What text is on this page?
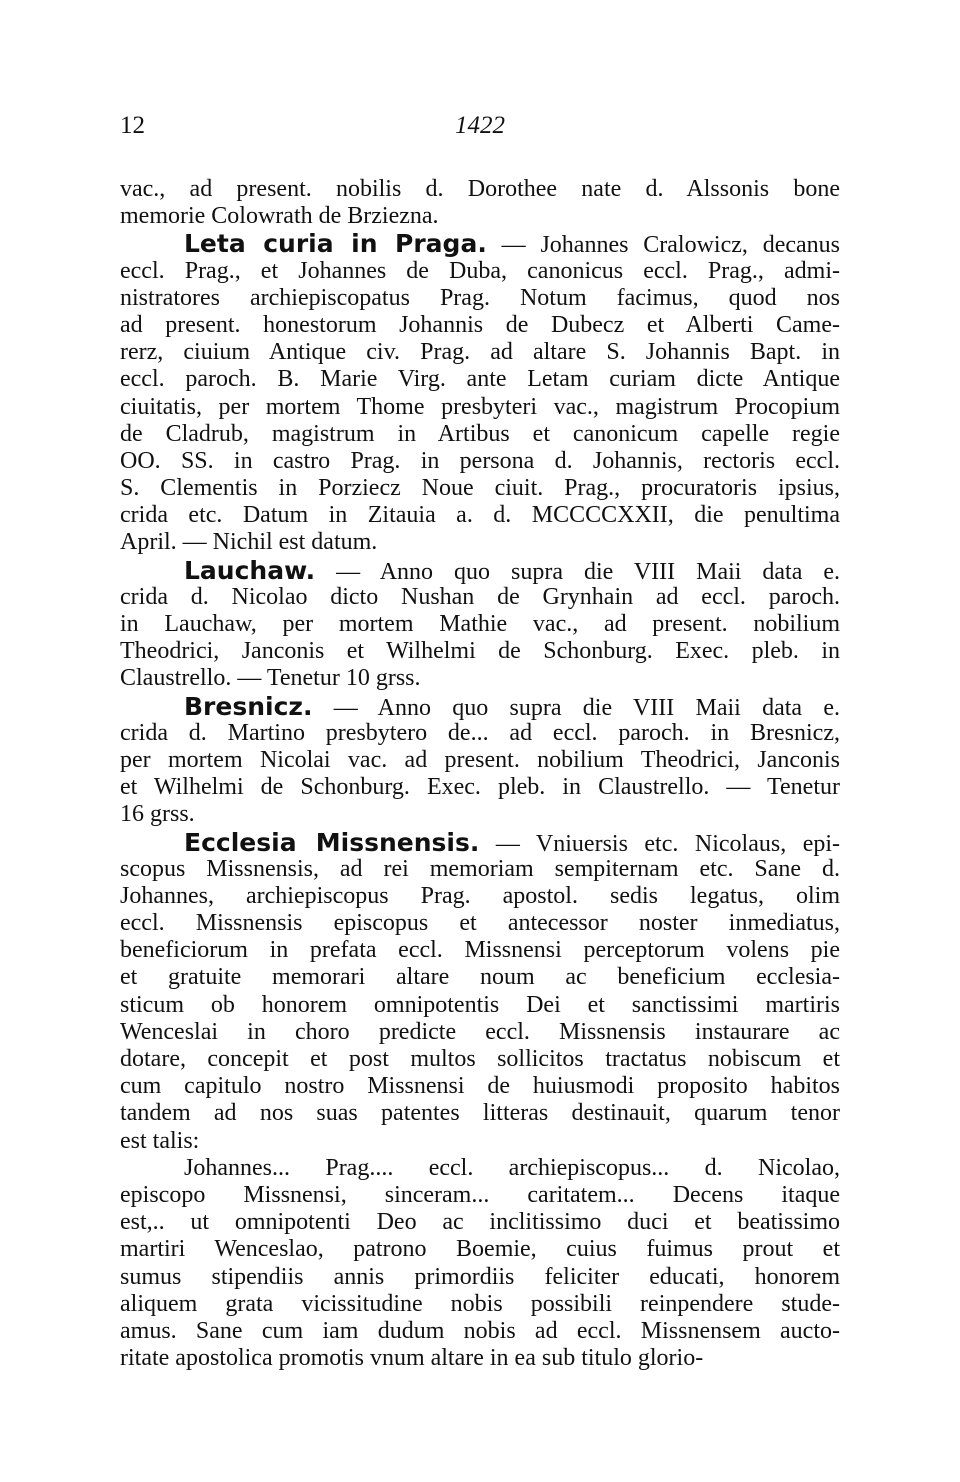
12	1422
vac., ad present. nobilis d. Dorothee nate d. Alssonis bone
memorie Colowrath de Brziezna.
Leta curia in Praga. — Johannes Cralowicz, decanus
eccl. Prag., et Johannes de Duba, canonicus eccl. Prag., admi-
nistratores archiepiscopatus Prag. Notum facimus, quod nos
ad present. honestorum Johannis de Dubecz et Alberti Came-
rerz, ciuium Antique civ. Prag. ad altare S. Johannis Bapt. in
eccl. paroch. B. Marie Virg. ante Letam curiam dicte Antique
ciuitatis, per mortem Thome presbyteri vac., magistrum Procopium
de Cladrub, magistrum in Artibus et canonicum capelle regie
OO. SS. in castro Prag. in persona d. Johannis, rectoris eccl.
S. Clementis in Porziecz Noue ciuit. Prag., procuratoris ipsius,
crida etc. Datum in Zitauia a. d. MCCCCXXII, die penultima
April. — Nichil est datum.
Lauchaw. — Anno quo supra die VIII Maii data e.
crida d. Nicolao dicto Nushan de Grynhain ad eccl. paroch.
in Lauchaw, per mortem Mathie vac., ad present. nobilium
Theodrici, Janconis et Wilhelmi de Schonburg. Exec. pleb. in
Claustrello. — Tenetur 10 grss.
Bresnicz. — Anno quo supra die VIII Maii data e.
crida d. Martino presbytero de... ad eccl. paroch. in Bresnicz,
per mortem Nicolai vac. ad present. nobilium Theodrici, Janconis
et Wilhelmi de Schonburg. Exec. pleb. in Claustrello. — Tenetur
16 grss.
Ecclesia Missnensis. — Vniuersis etc. Nicolaus, epi-
scopus Missnensis, ad rei memoriam sempiternam etc. Sane d.
Johannes, archiepiscopus Prag. apostol. sedis legatus, olim
eccl. Missnensis episcopus et antecessor noster inmediatus,
beneficiorum in prefata eccl. Missnensi perceptorum volens pie
et gratuite memorari altare noum ac beneficium ecclesia-
sticum ob honorem omnipotentis Dei et sanctissimi martiris
Wenceslai in choro predicte eccl. Missnensis instaurare ac
dotare, concepit et post multos sollicitos tractatus nobiscum et
cum capitulo nostro Missnensi de huiusmodi proposito habitos
tandem ad nos suas patentes litteras destinauit, quarum tenor
est talis:
Johannes... Prag.... eccl. archiepiscopus... d. Nicolao,
episcopo Missnensi, sinceram... caritatem... Decens itaque
est,.. ut omnipotenti Deo ac inclitissimo duci et beatissimo
martiri Wenceslao, patrono Boemie, cuius fuimus prout et
sumus stipendiis annis primordiis feliciter educati, honorem
aliquem grata vicissitudine nobis possibili reinpendere stude-
amus. Sane cum iam dudum nobis ad eccl. Missnensem aucto-
ritate apostolica promotis vnum altare in ea sub titulo glorio-
